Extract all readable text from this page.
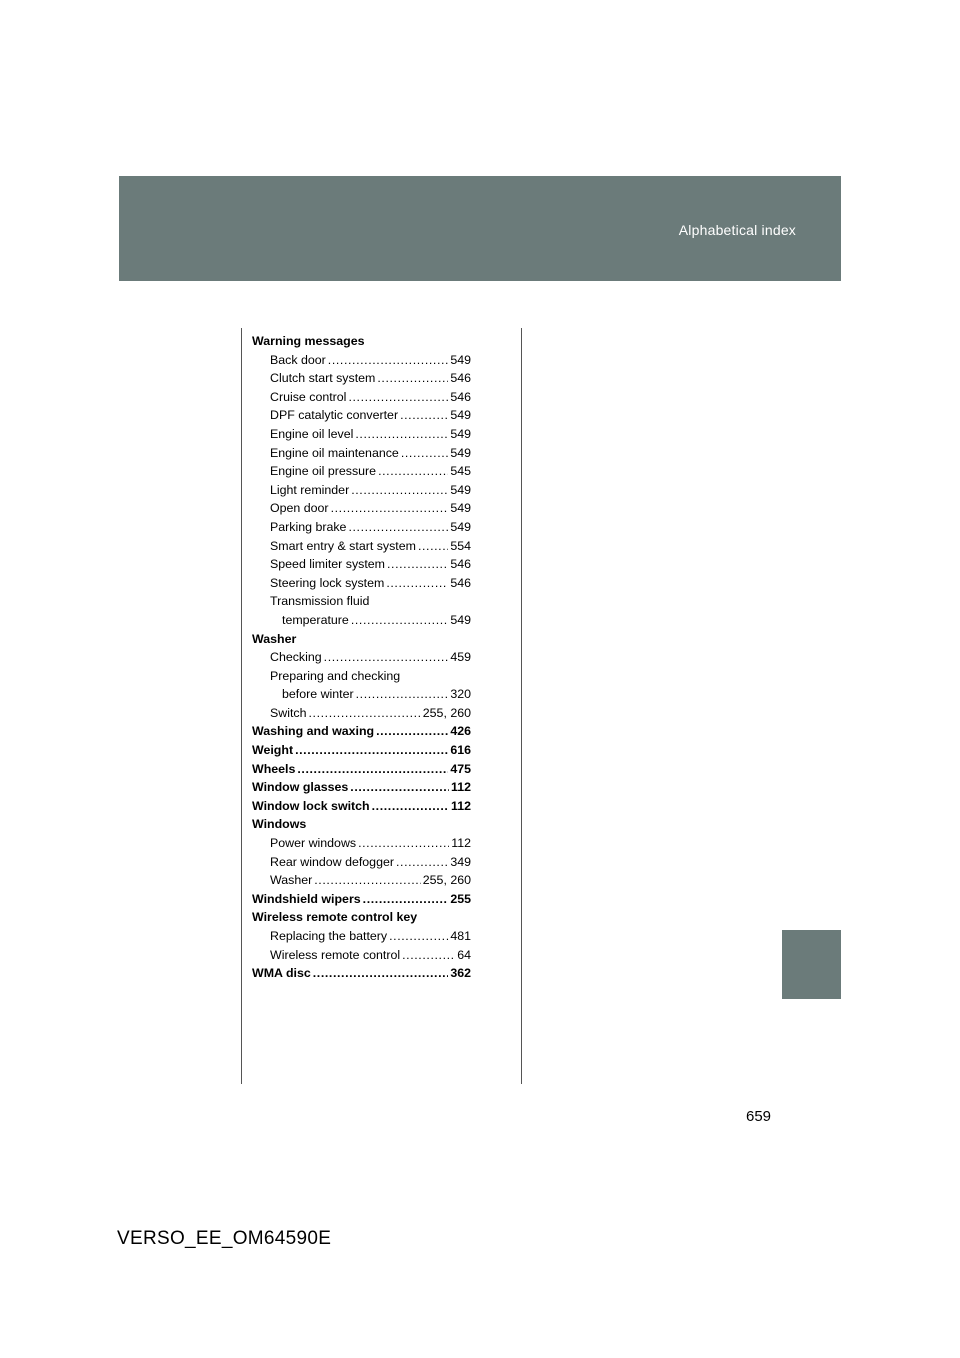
Alphabetical index
Warning messages
Back door .....	549
Clutch start system .....	546
Cruise control .....	546
DPF catalytic converter .....	549
Engine oil level .....	549
Engine oil maintenance .....	549
Engine oil pressure .....	545
Light reminder .....	549
Open door .....	549
Parking brake .....	549
Smart entry & start system .....	554
Speed limiter system .....	546
Steering lock system .....	546
Transmission fluid
temperature .....	549
Washer
Checking .....	459
Preparing and checking
before winter .....	320
Switch .....	255, 260
Washing and waxing .....	426
Weight .....	616
Wheels .....	475
Window glasses .....	112
Window lock switch .....	112
Windows
Power windows .....	112
Rear window defogger .....	349
Washer .....	255, 260
Windshield wipers .....	255
Wireless remote control key
Replacing the battery .....	481
Wireless remote control .....	64
WMA disc .....	362
659
VERSO_EE_OM64590E
